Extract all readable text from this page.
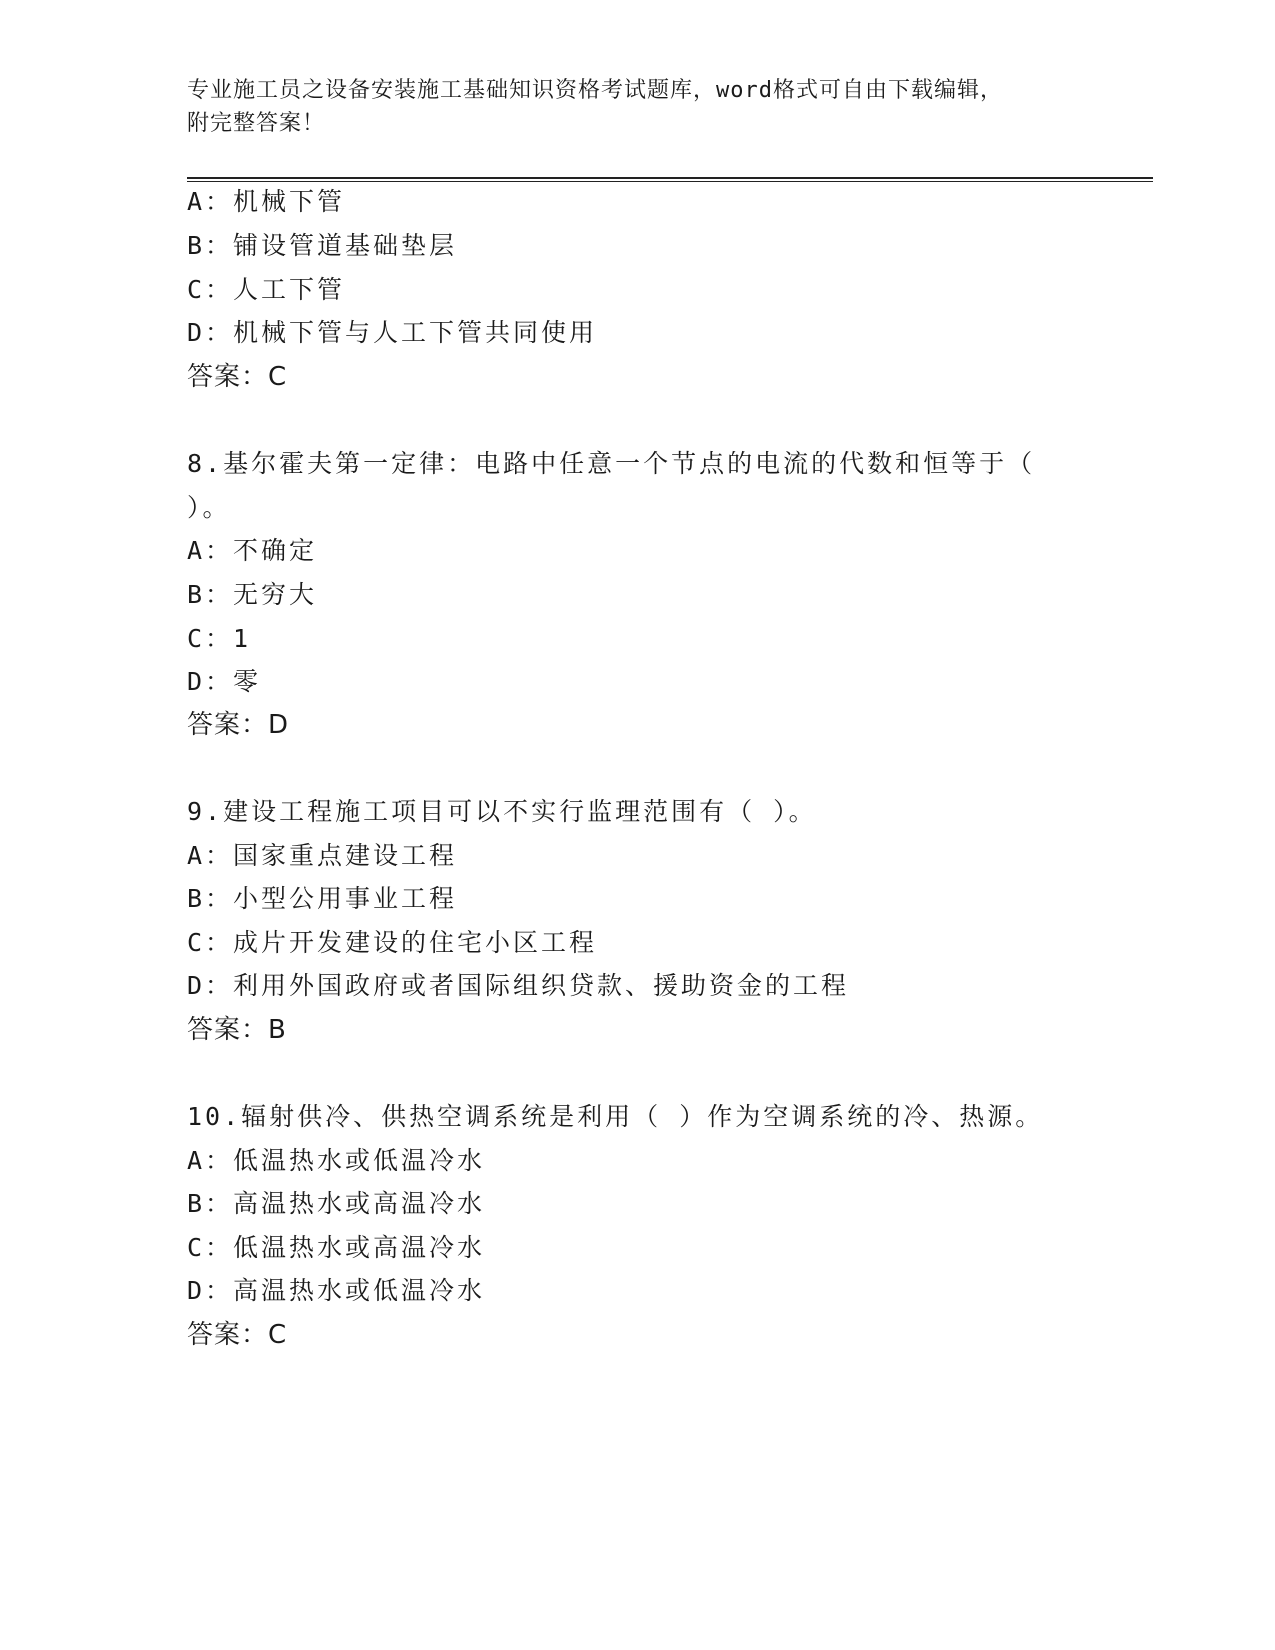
专业施工员之设备安装施工基础知识资格考试题库，word格式可自由下载编辑，
附完整答案！
A：机械下管
B：铺设管道基础垫层
C：人工下管
D：机械下管与人工下管共同使用
答案：C
8.基尔霍夫第一定律：电路中任意一个节点的电流的代数和恒等于（
）。
A：不确定
B：无穷大
C：1
D：零
答案：D
9.建设工程施工项目可以不实行监理范围有（ ）。
A：国家重点建设工程
B：小型公用事业工程
C：成片开发建设的住宅小区工程
D：利用外国政府或者国际组织贷款、援助资金的工程
答案：B
10.辐射供冷、供热空调系统是利用（ ）作为空调系统的冷、热源。
A：低温热水或低温冷水
B：高温热水或高温冷水
C：低温热水或高温冷水
D：高温热水或低温冷水
答案：C
